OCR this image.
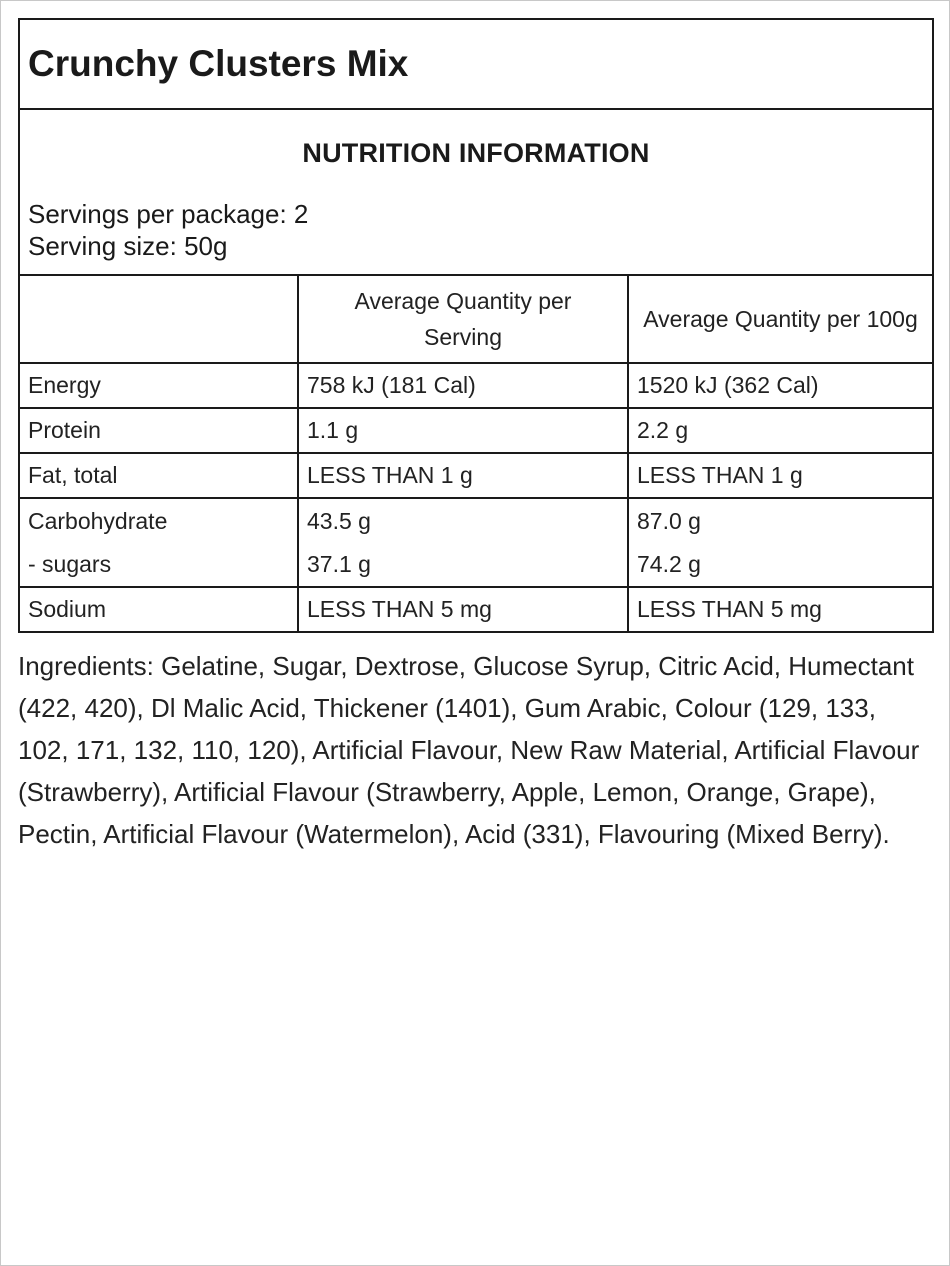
Crunchy Clusters Mix
NUTRITION INFORMATION
Servings per package: 2
Serving size: 50g
	Average Quantity per Serving	Average Quantity per 100g
Energy	758 kJ (181 Cal)	1520 kJ (362 Cal)
Protein	1.1 g	2.2 g
Fat, total	LESS THAN 1 g	LESS THAN 1 g
Carbohydrate	43.5 g	87.0 g
- sugars	37.1 g	74.2 g
Sodium	LESS THAN 5 mg	LESS THAN 5 mg
Ingredients: Gelatine, Sugar, Dextrose, Glucose Syrup, Citric Acid, Humectant (422, 420), Dl Malic Acid, Thickener (1401), Gum Arabic, Colour (129, 133, 102, 171, 132, 110, 120), Artificial Flavour, New Raw Material, Artificial Flavour (Strawberry), Artificial Flavour (Strawberry, Apple, Lemon, Orange, Grape), Pectin, Artificial Flavour (Watermelon), Acid (331), Flavouring (Mixed Berry).
